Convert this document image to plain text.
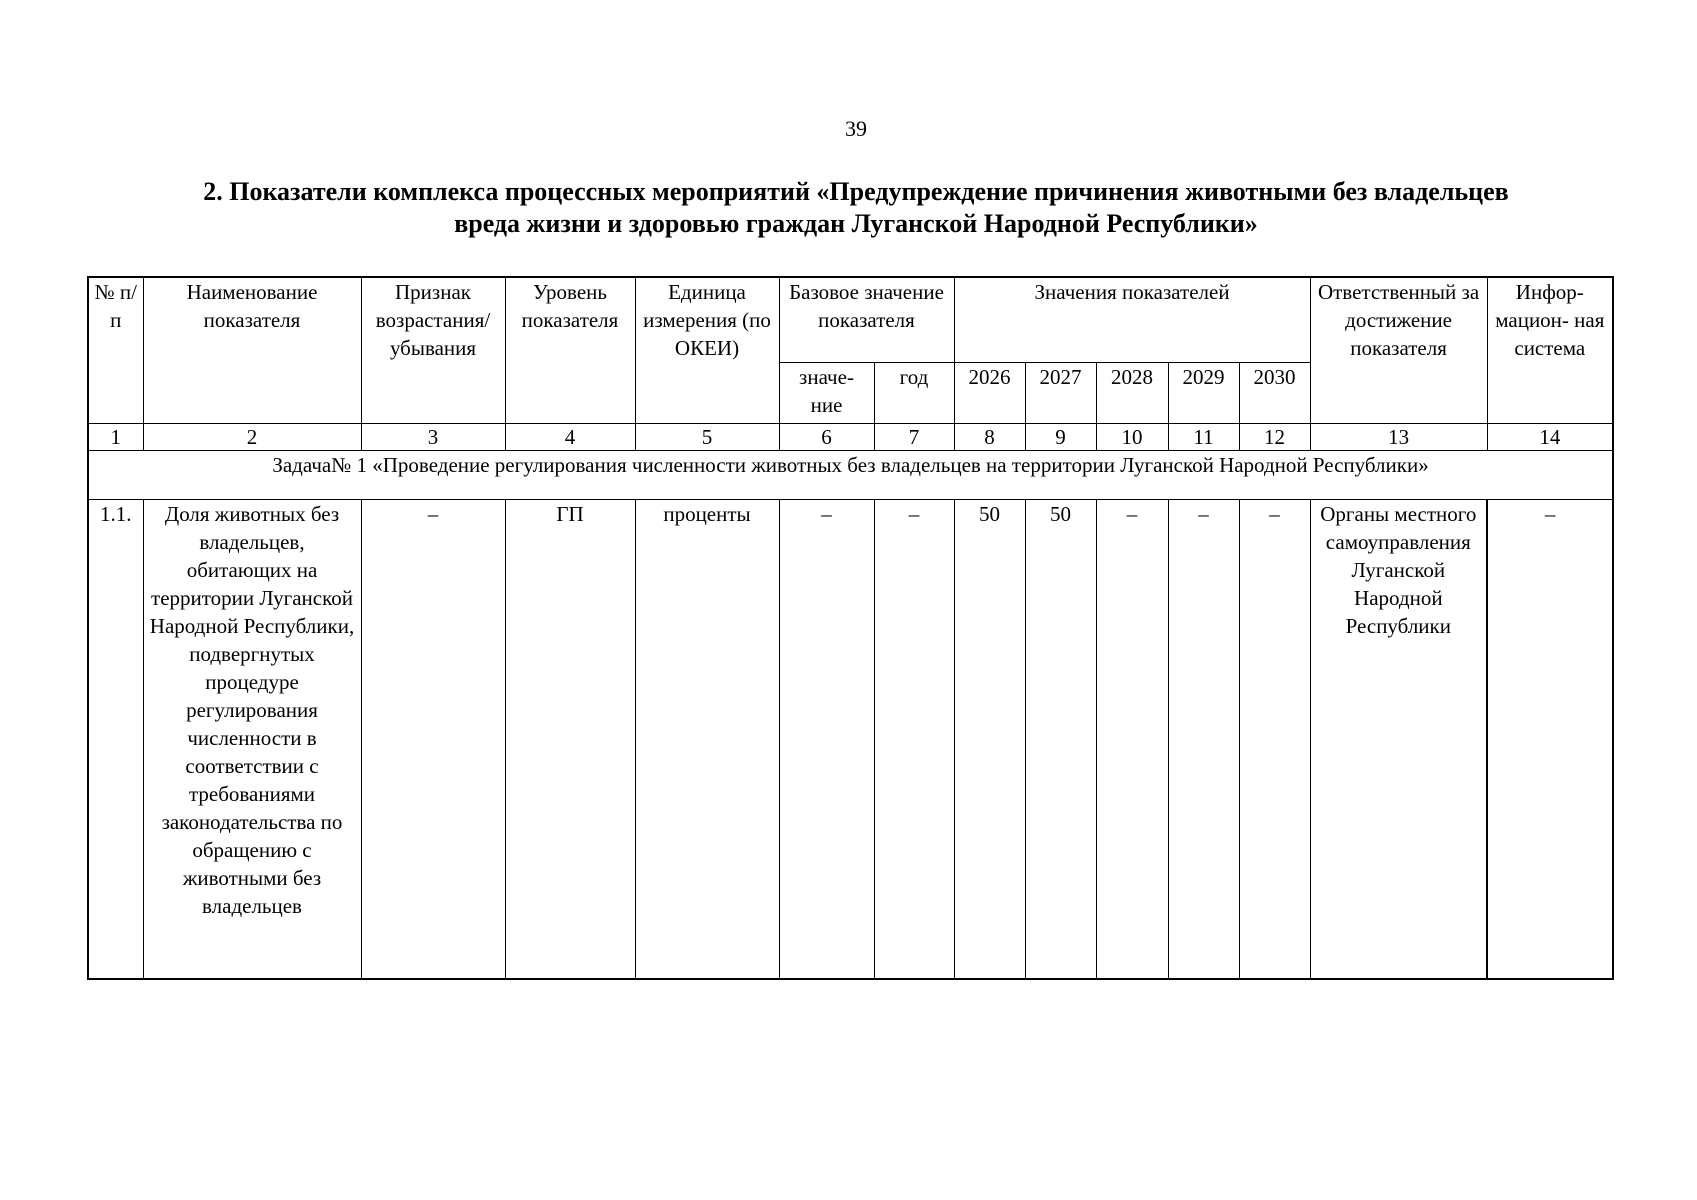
39
2. Показатели комплекса процессных мероприятий «Предупреждение причинения животными без владельцев
вреда жизни и здоровью граждан Луганской Народной Республики»
№ п/п	Наименование показателя	Признак возрастания/ убывания	Уровень показателя	Единица измерения (по ОКЕИ)	Базовое значение показателя		Значения показателей					Ответственный за достижение показателя	Инфор- мацион- ная система
					значе- ние	год	2026	2027	2028	2029	2030		
1	2	3	4	5	6	7	8	9	10	11	12	13	14
Задача№ 1 «Проведение регулирования численности животных без владельцев на территории Луганской Народной Республики»													
1.1.	Доля животных без владельцев, обитающих на территории Луганской Народной Республики, подвергнутых процедуре регулирования численности в соответствии с требованиями законодательства по обращению с животными без владельцев	–	ГП	проценты	–	–	50	50	–	–	–	Органы местного самоуправления Луганской Народной Республики	–
